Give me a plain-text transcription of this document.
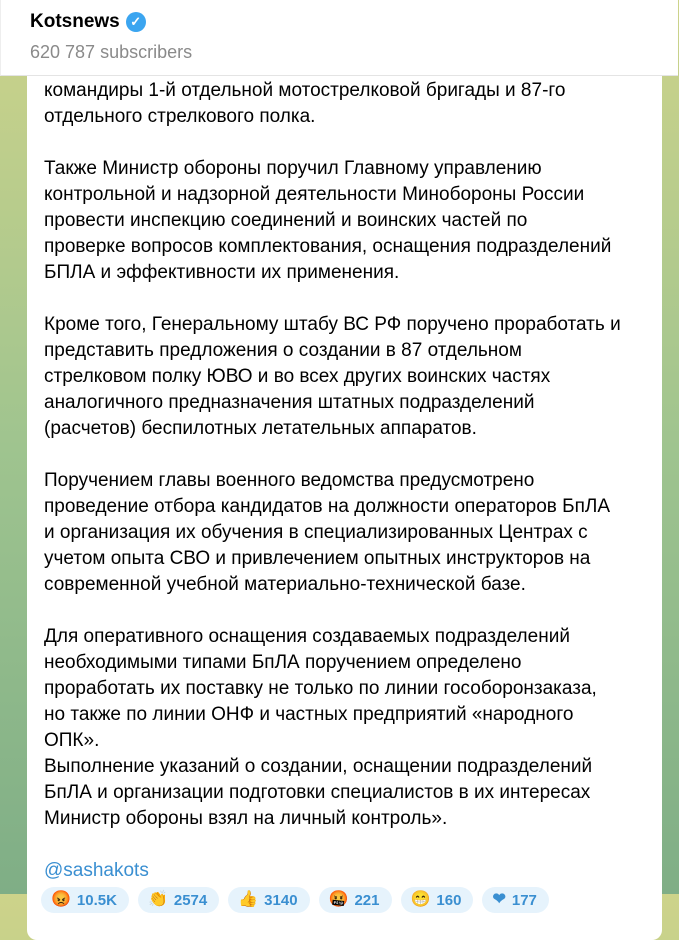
командиры 1-й отдельной мотострелковой бригады и 87-го
отдельного стрелкового полка.
Также Министр обороны поручил Главному управлению
контрольной и надзорной деятельности Минобороны России
провести инспекцию соединений и воинских частей по
проверке вопросов комплектования, оснащения подразделений
БПЛА и эффективности их применения.
Кроме того, Генеральному штабу ВС РФ поручено проработать и
представить предложения о создании в 87 отдельном
стрелковом полку ЮВО и во всех других воинских частях
аналогичного предназначения штатных подразделений
(расчетов) беспилотных летательных аппаратов.
Поручением главы военного ведомства предусмотрено
проведение отбора кандидатов на должности операторов БпЛА
и организация их обучения в специализированных Центрах с
учетом опыта СВО и привлечением опытных инструкторов на
современной учебной материально-технической базе.
Для оперативного оснащения создаваемых подразделений
необходимыми типами БпЛА поручением определено
проработать их поставку не только по линии гособоронзаказа,
но также по линии ОНФ и частных предприятий «народного
ОПК».
Выполнение указаний о создании, оснащении подразделений
БпЛА и организации подготовки специалистов в их интересах
Министр обороны взял на личный контроль».
@sashakots
😡 10.5K 👏 2574 👍 3140 🤬 221 😁 160 ❤ 177
Kotsnews ✓
620 787 subscribers
